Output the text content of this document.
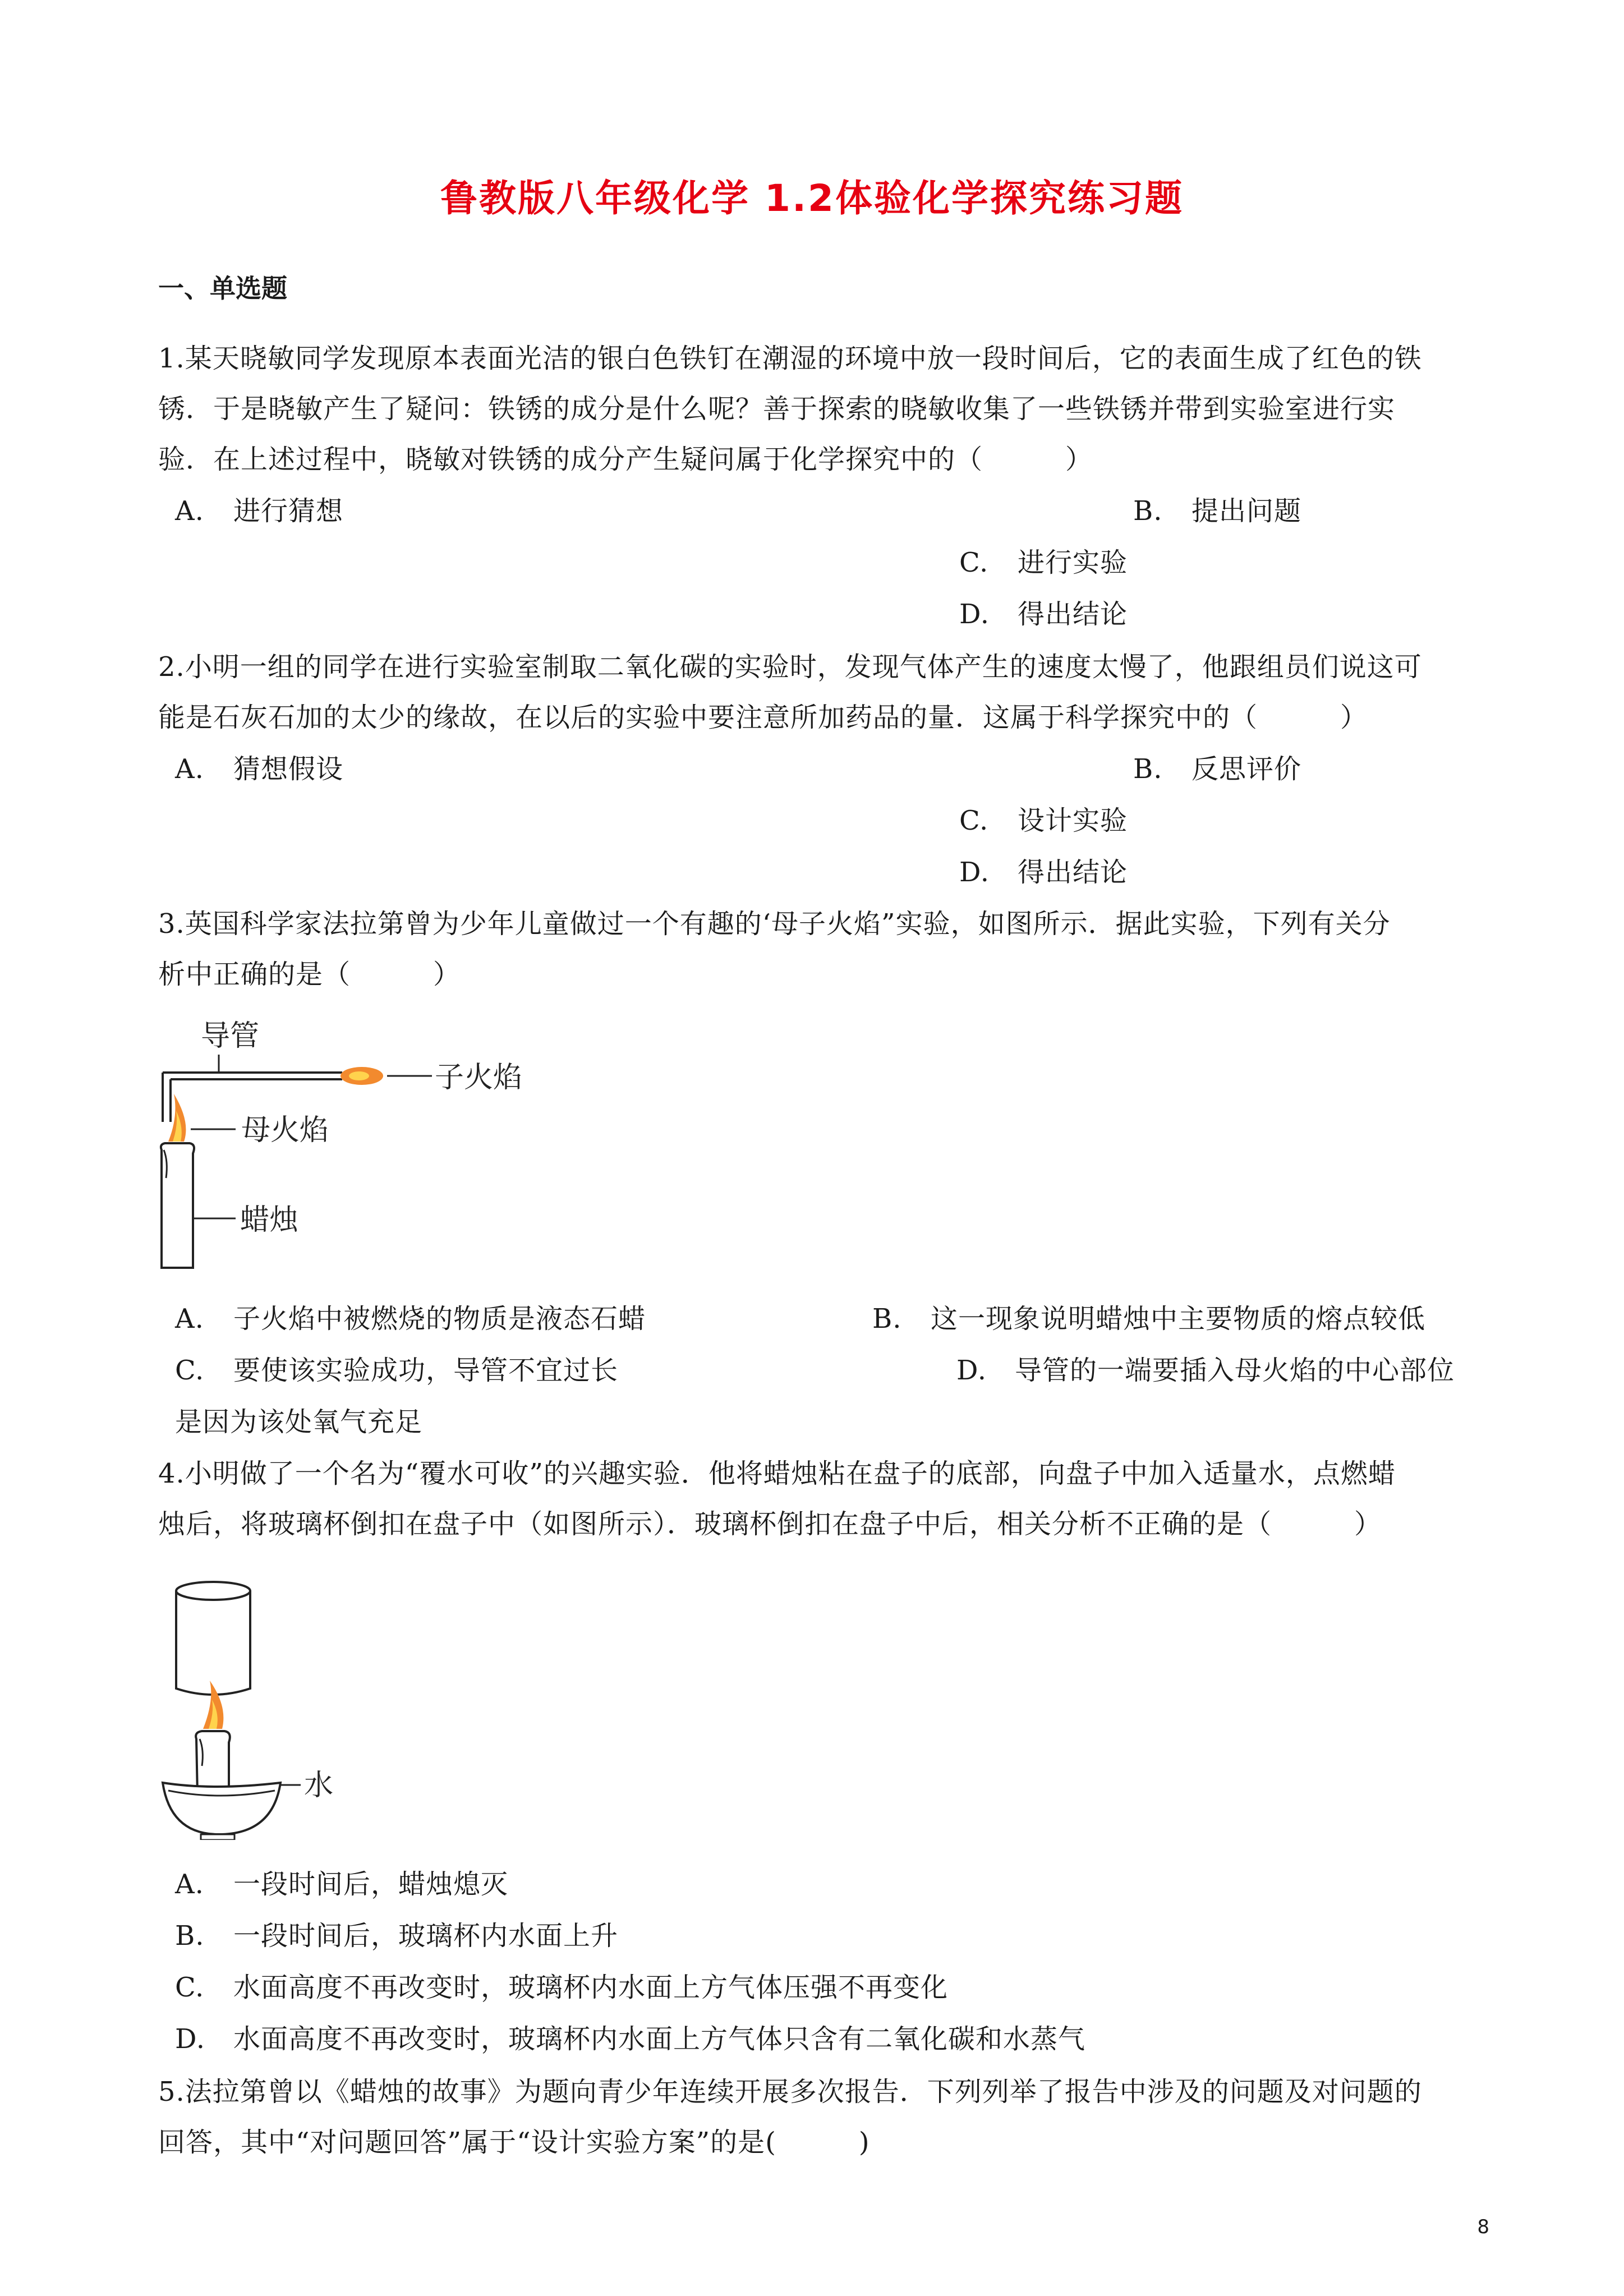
鲁教版八年级化学 1.2体验化学探究练习题
一、单选题
1.某天晓敏同学发现原本表面光洁的银白色铁钉在潮湿的环境中放一段时间后，它的表面生成了红色的铁
锈．于是晓敏产生了疑问：铁锈的成分是什么呢？善于探索的晓敏收集了一些铁锈并带到实验室进行实
验．在上述过程中，晓敏对铁锈的成分产生疑问属于化学探究中的（　　　）
A. 进行猜想	B. 提出问题
C. 进行实验
D. 得出结论
2.小明一组的同学在进行实验室制取二氧化碳的实验时，发现气体产生的速度太慢了，他跟组员们说这可
能是石灰石加的太少的缘故，在以后的实验中要注意所加药品的量．这属于科学探究中的（　　　）
A. 猜想假设	B. 反思评价
C. 设计实验
D. 得出结论
3.英国科学家法拉第曾为少年儿童做过一个有趣的‘母子火焰”实验，如图所示．据此实验，下列有关分
析中正确的是（　　　）
导管
子火焰
母火焰
蜡烛
A. 子火焰中被燃烧的物质是液态石蜡	B. 这一现象说明蜡烛中主要物质的熔点较低
C. 要使该实验成功，导管不宜过长	D. 导管的一端要插入母火焰的中心部位
是因为该处氧气充足
4.小明做了一个名为“覆水可收”的兴趣实验．他将蜡烛粘在盘子的底部，向盘子中加入适量水，点燃蜡
烛后，将玻璃杯倒扣在盘子中（如图所示）．玻璃杯倒扣在盘子中后，相关分析不正确的是（　　　）
水
A. 一段时间后，蜡烛熄灭
B. 一段时间后，玻璃杯内水面上升
C. 水面高度不再改变时，玻璃杯内水面上方气体压强不再变化
D. 水面高度不再改变时，玻璃杯内水面上方气体只含有二氧化碳和水蒸气
5.法拉第曾以《蜡烛的故事》为题向青少年连续开展多次报告．下列列举了报告中涉及的问题及对问题的
回答，其中“对问题回答”属于“设计实验方案”的是(　　　)
8
